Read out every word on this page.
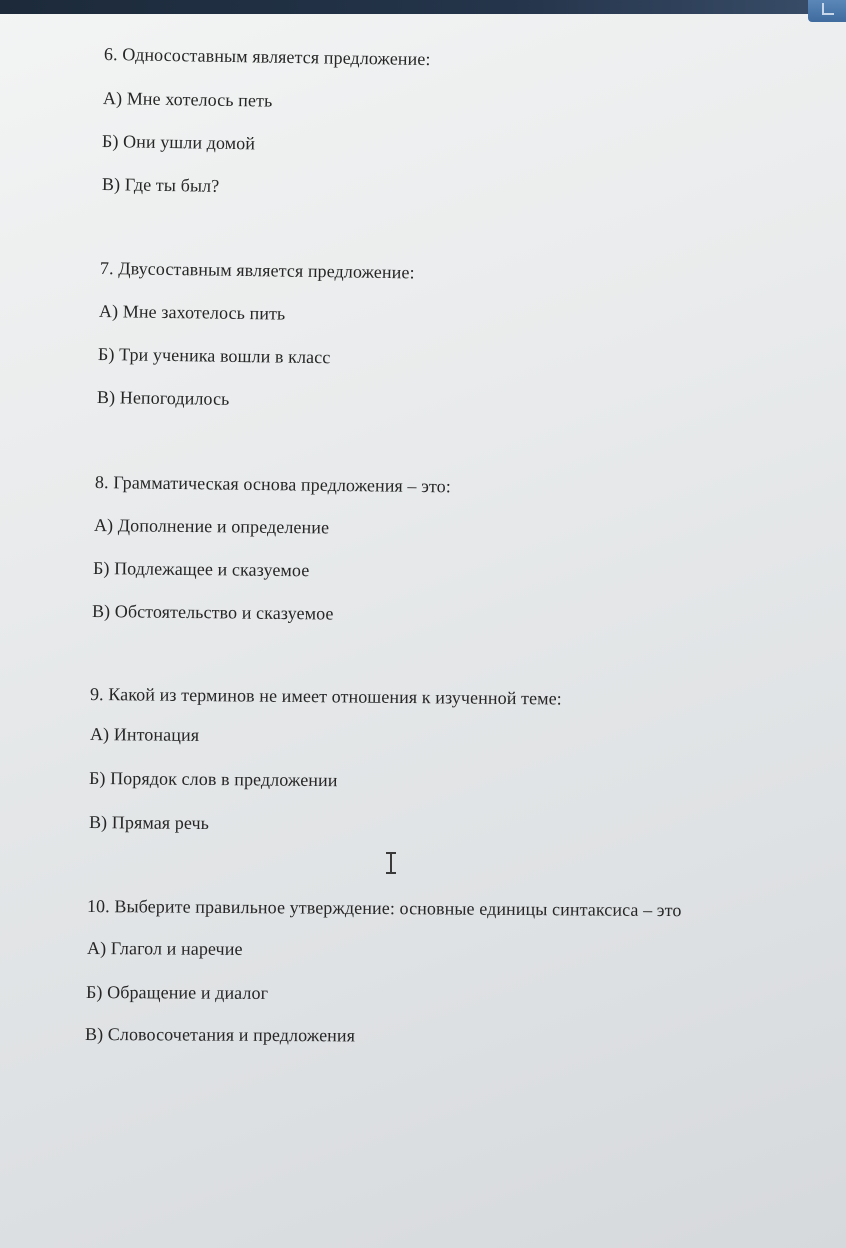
6. Односоставным является предложение:
А) Мне хотелось петь
Б) Они ушли домой
В) Где ты был?
7. Двусоставным является предложение:
А) Мне захотелось пить
Б) Три ученика вошли в класс
В) Непогодилось
8. Грамматическая основа предложения – это:
А) Дополнение и определение
Б) Подлежащее и сказуемое
В) Обстоятельство и сказуемое
9. Какой из терминов не имеет отношения к изученной теме:
А) Интонация
Б) Порядок слов в предложении
В) Прямая речь
10. Выберите правильное утверждение: основные единицы синтаксиса – это
А) Глагол и наречие
Б) Обращение и диалог
В) Словосочетания и предложения
